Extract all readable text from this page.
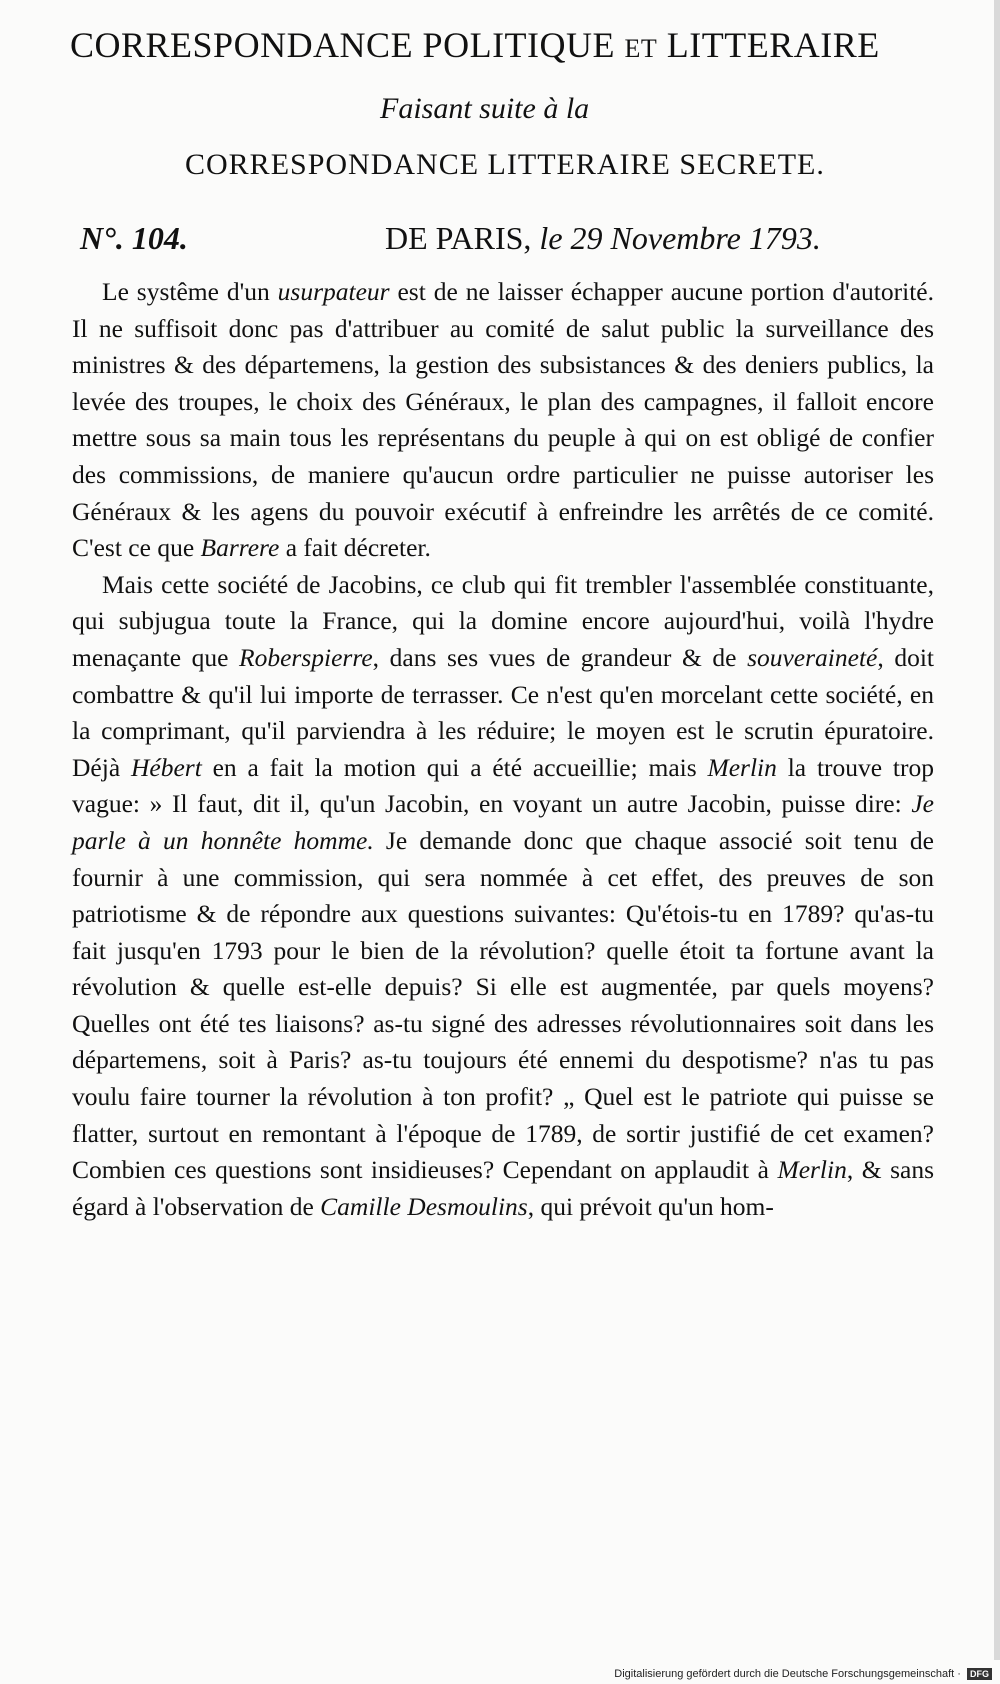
CORRESPONDANCE POLITIQUE ET LITTERAIRE
Faisant suite à la
CORRESPONDANCE LITTERAIRE SECRETE.
N°. 104.	DE PARIS, le 29 Novembre 1793.

Le systême d'un usurpateur est de ne laisser échapper aucune portion d'autorité. Il ne suffisoit donc pas d'attribuer au comité de salut public la surveillance des ministres & des départemens, la gestion des subsistances & des deniers publics, la levée des troupes, le choix des Généraux, le plan des campagnes, il falloit encore mettre sous sa main tous les représentans du peuple à qui on est obligé de confier des commissions, de maniere qu'aucun ordre particulier ne puisse autoriser les Généraux & les agens du pouvoir exécutif à enfreindre les arrêtés de ce comité. C'est ce que Barrere a fait décreter.

Mais cette société de Jacobins, ce club qui fit trembler l'assemblée constituante, qui subjugua toute la France, qui la domine encore aujourd'hui, voilà l'hydre menaçante que Roberspierre, dans ses vues de grandeur & de souveraineté, doit combattre & qu'il lui importe de terrasser. Ce n'est qu'en morcelant cette société, en la comprimant, qu'il parviendra à les réduire; le moyen est le scrutin épuratoire. Déjà Hébert en a fait la motion qui a été accueillie; mais Merlin la trouve trop vague: » Il faut, dit il, qu'un Jacobin, en voyant un autre Jacobin, puisse dire: Je parle à un honnête homme. Je demande donc que chaque associé soit tenu de fournir à une commission, qui sera nommée à cet effet, des preuves de son patriotisme & de répondre aux questions suivantes: Qu'étois-tu en 1789? qu'as-tu fait jusqu'en 1793 pour le bien de la révolution? quelle étoit ta fortune avant la révolution & quelle est-elle depuis? Si elle est augmentée, par quels moyens? Quelles ont été tes liaisons? as-tu signé des adresses révolutionnaires soit dans les départemens, soit à Paris? as-tu toujours été ennemi du despotisme? n'as tu pas voulu faire tourner la révolution à ton profit? „ Quel est le patriote qui puisse se flatter, surtout en remontant à l'époque de 1789, de sortir justifié de cet examen? Combien ces questions sont insidieuses? Cependant on applaudit à Merlin, & sans égard à l'observation de Camille Desmoulins, qui prévoit qu'un hom-

Digitalisierung gefördert durch die Deutsche Forschungsgemeinschaft · DFG
